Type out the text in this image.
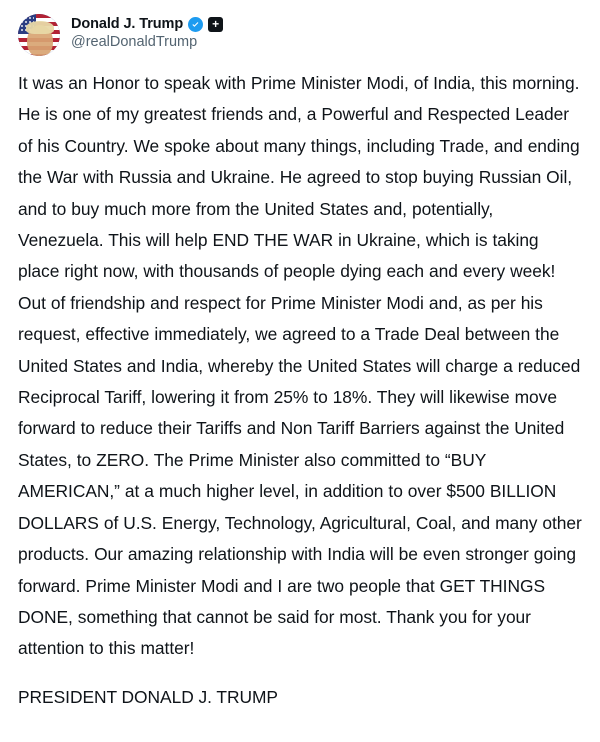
Donald J. Trump	+
@realDonaldTrump
It was an Honor to speak with Prime Minister Modi, of India, this morning. He is one of my greatest friends and, a Powerful and Respected Leader of his Country. We spoke about many things, including Trade, and ending the War with Russia and Ukraine. He agreed to stop buying Russian Oil, and to buy much more from the United States and, potentially, Venezuela. This will help END THE WAR in Ukraine, which is taking place right now, with thousands of people dying each and every week! Out of friendship and respect for Prime Minister Modi and, as per his request, effective immediately, we agreed to a Trade Deal between the United States and India, whereby the United States will charge a reduced Reciprocal Tariff, lowering it from 25% to 18%. They will likewise move forward to reduce their Tariffs and Non Tariff Barriers against the United States, to ZERO. The Prime Minister also committed to “BUY AMERICAN,” at a much higher level, in addition to over $500 BILLION DOLLARS of U.S. Energy, Technology, Agricultural, Coal, and many other products. Our amazing relationship with India will be even stronger going forward. Prime Minister Modi and I are two people that GET THINGS DONE, something that cannot be said for most. Thank you for your attention to this matter!
PRESIDENT DONALD J. TRUMP
